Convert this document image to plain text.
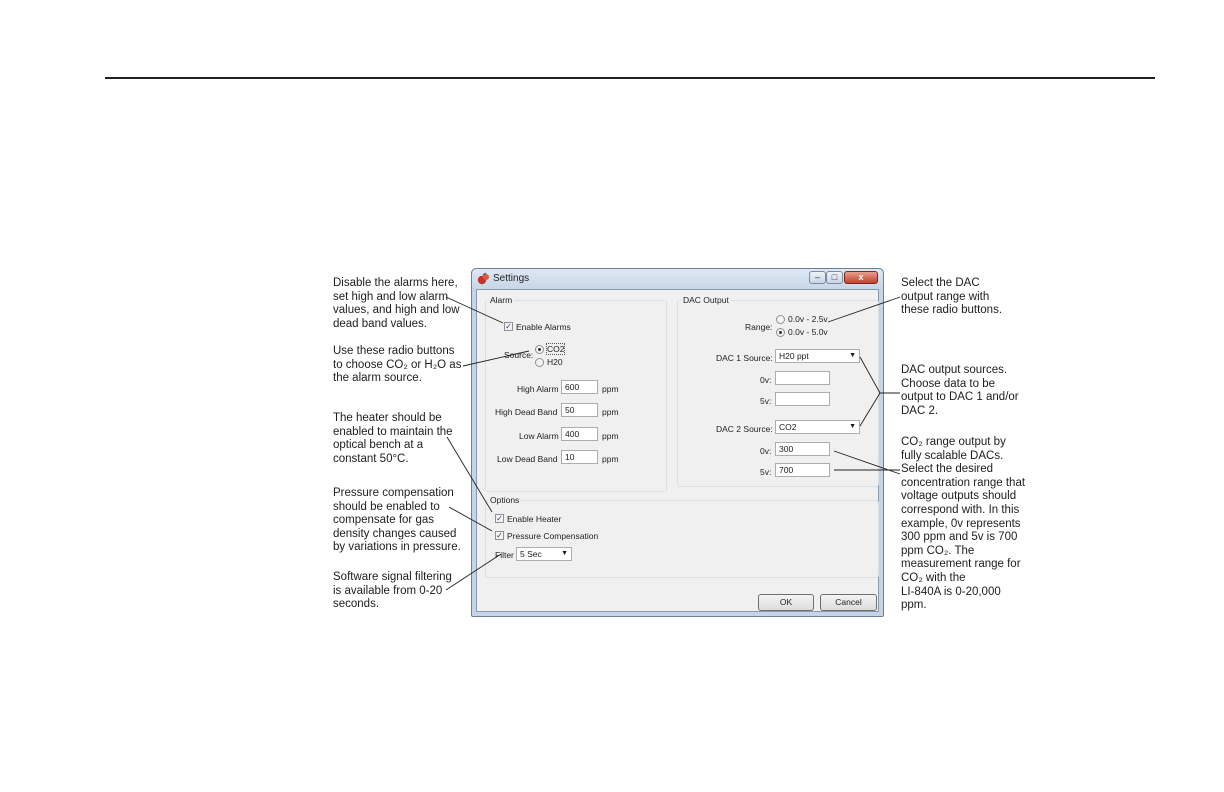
Disable the alarms here,
set high and low alarm
values, and high and low
dead band values.
Use these radio buttons
to choose CO₂ or H₂O as
the alarm source.
The heater should be
enabled to maintain the
optical bench at a
constant 50°C.
Pressure compensation
should be enabled to
compensate for gas
density changes caused
by variations in pressure.
Software signal filtering
is available from 0-20
seconds.
Select the DAC
output range with
these radio buttons.
DAC output sources.
Choose data to be
output to DAC 1 and/or
DAC 2.
CO₂ range output by
fully scalable DACs.
Select the desired
concentration range that
voltage outputs should
correspond with. In this
example, 0v represents
300 ppm and 5v is 700
ppm CO₂. The
measurement range for
CO₂ with the
LI-840A is 0-20,000
ppm.
Settings	–	□	x
Alarm
✓ Enable Alarms
Source:
CO2
H20
High Alarm 600	ppm
High Dead Band 50	ppm
Low Alarm 400	ppm
Low Dead Band 10	ppm
DAC Output
Range:
0.0v - 2.5v
0.0v - 5.0v
DAC 1 Source: H20 ppt	▼
0v:
5v:
DAC 2 Source: CO2	▼
0v: 300
5v: 700
Options
✓ Enable Heater
✓ Pressure Compensation
Filter 5 Sec	▼
OK	Cancel
